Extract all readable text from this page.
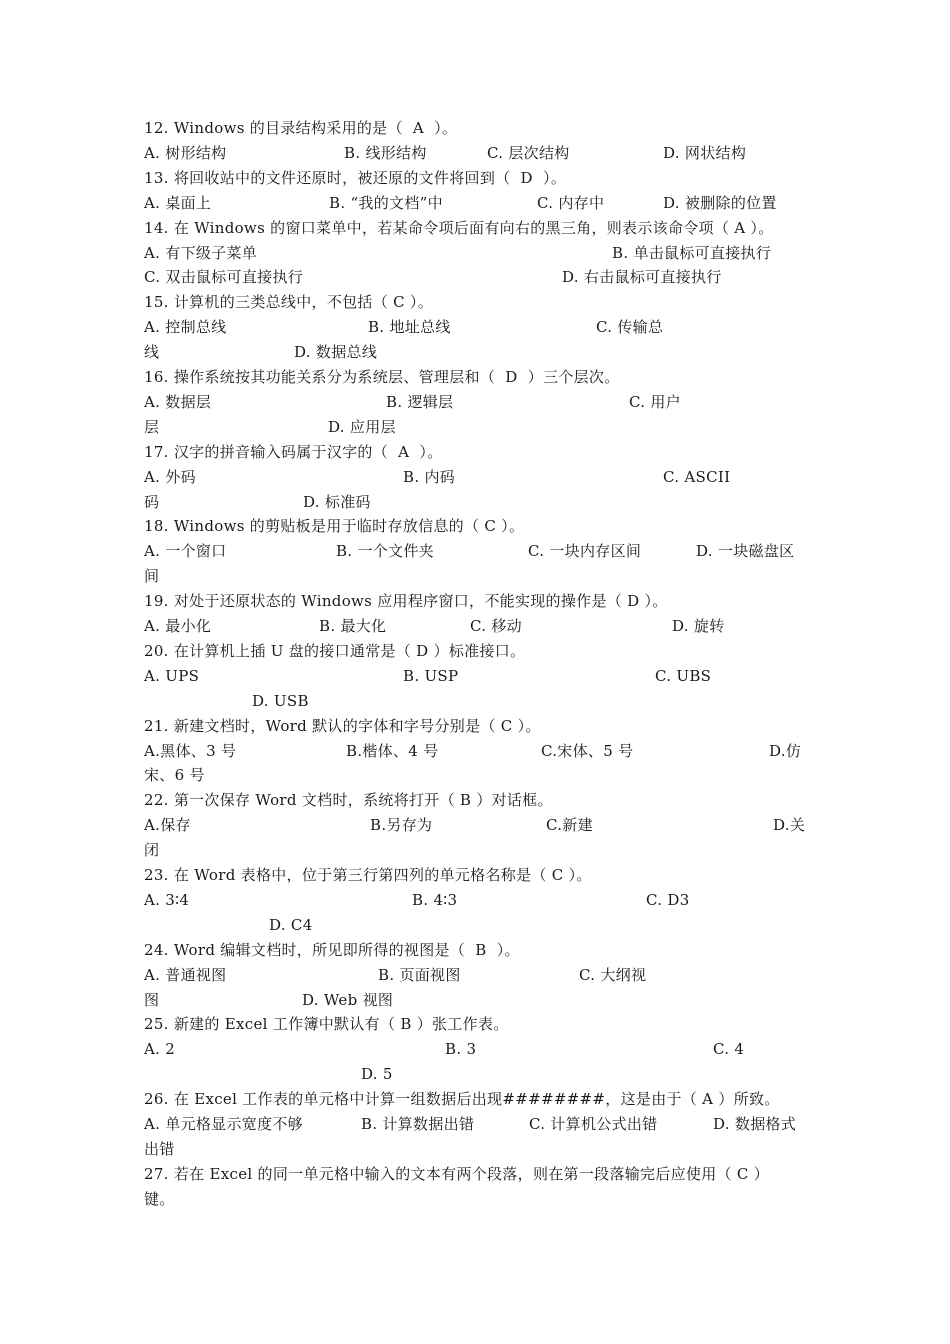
12. Windows 的目录结构采用的是（  A  ）。
A. 树形结构	B. 线形结构	C. 层次结构	D. 网状结构
13. 将回收站中的文件还原时，被还原的文件将回到（  D  ）。
A. 桌面上	B. “我的文档”中	C. 内存中	D. 被删除的位置
14. 在 Windows 的窗口菜单中，若某命令项后面有向右的黑三角，则表示该命令项（ A ）。
A. 有下级子菜单	B. 单击鼠标可直接执行
C. 双击鼠标可直接执行	D. 右击鼠标可直接执行
15. 计算机的三类总线中，不包括（ C ）。
A. 控制总线	B. 地址总线	C. 传输总
线	D. 数据总线
16. 操作系统按其功能关系分为系统层、管理层和（  D  ）三个层次。
A. 数据层	B. 逻辑层	C. 用户
层	D. 应用层
17. 汉字的拼音输入码属于汉字的（  A  ）。
A. 外码	B. 内码	C. ASCII
码	D. 标准码
18. Windows 的剪贴板是用于临时存放信息的（ C ）。
A. 一个窗口	B. 一个文件夹	C. 一块内存区间	D. 一块磁盘区
间
19. 对处于还原状态的 Windows 应用程序窗口，不能实现的操作是（ D ）。
A. 最小化	B. 最大化	C. 移动	D. 旋转
20. 在计算机上插 U 盘的接口通常是（ D ）标准接口。
A. UPS	B. USP	C. UBS
D. USB
21. 新建文档时，Word 默认的字体和字号分别是（ C ）。
A.黑体、3 号	B.楷体、4 号	C.宋体、5 号	D.仿
宋、6 号
22. 第一次保存 Word 文档时，系统将打开（ B ）对话框。
A.保存	B.另存为	C.新建	D.关
闭
23. 在 Word 表格中，位于第三行第四列的单元格名称是（ C ）。
A. 3∶4	B. 4∶3	C. D3
D. C4
24. Word 编辑文档时，所见即所得的视图是（  B  ）。
A. 普通视图	B. 页面视图	C. 大纲视
图	D. Web 视图
25. 新建的 Excel 工作簿中默认有（ B ）张工作表。
A. 2	B. 3	C. 4
D. 5
26. 在 Excel 工作表的单元格中计算一组数据后出现########，这是由于（ A ）所致。
A. 单元格显示宽度不够	B. 计算数据出错	C. 计算机公式出错	D. 数据格式
出错
27. 若在 Excel 的同一单元格中输入的文本有两个段落，则在第一段落输完后应使用（ C ）
键。
